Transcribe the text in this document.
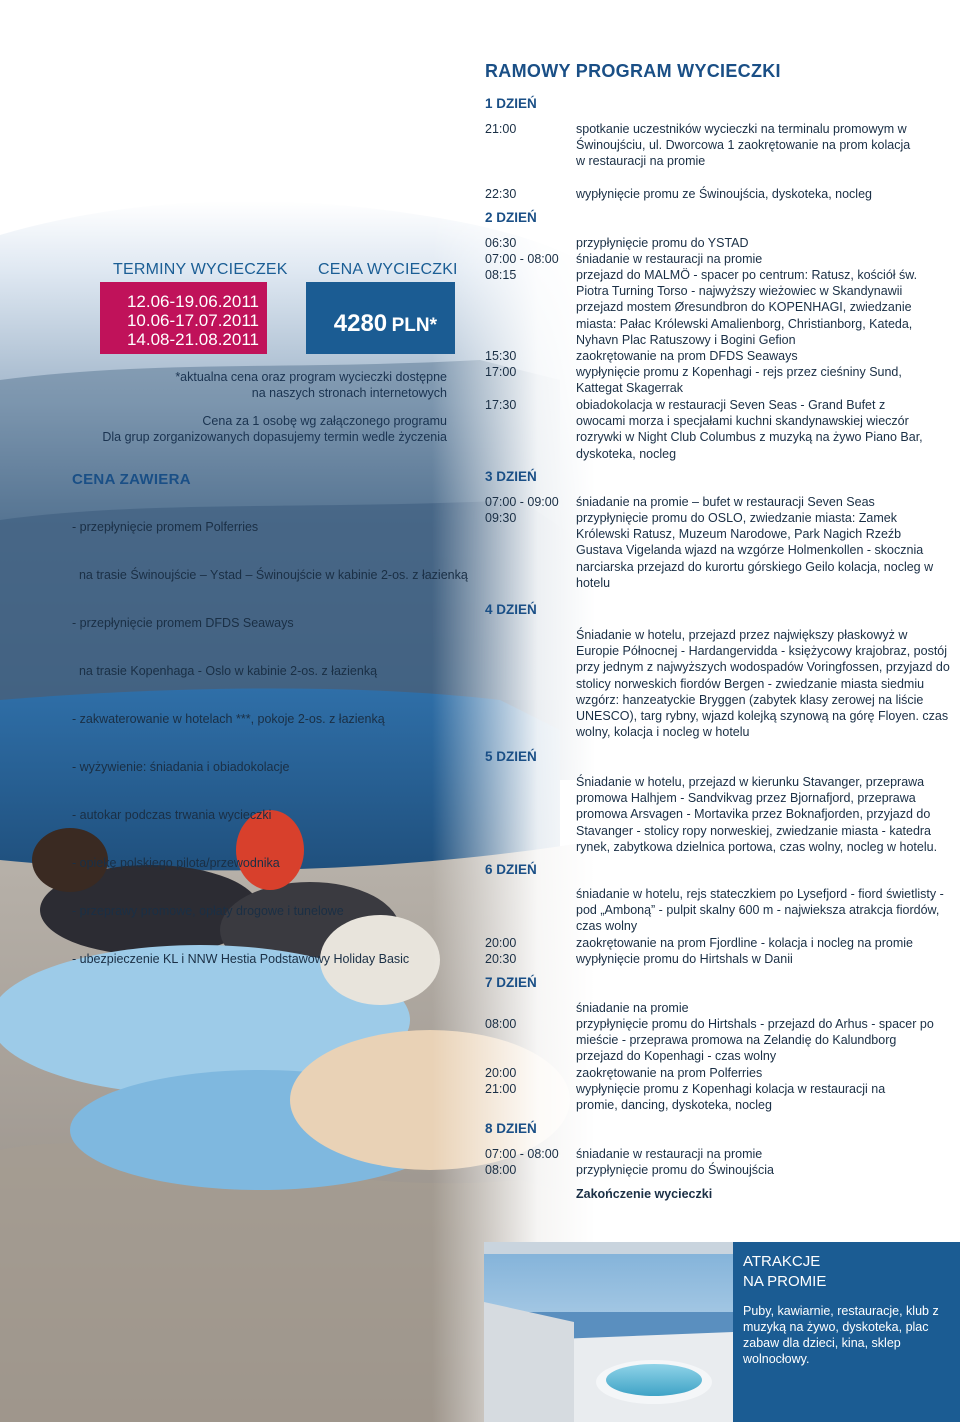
TERMINY WYCIECZEK
12.06-19.06.2011
10.06-17.07.2011
14.08-21.08.2011
CENA WYCIECZKI
4280 PLN*
*aktualna cena oraz program wycieczki dostępne
na naszych stronach internetowych
Cena za 1 osobę wg załączonego programu
Dla grup zorganizowanych dopasujemy termin wedle życzenia
CENA ZAWIERA

- przepłynięcie promem Polferries

na trasie Świnoujście – Ystad – Świnoujście w kabinie 2-os. z łazienką

- przepłynięcie promem DFDS Seaways

na trasie Kopenhaga - Oslo w kabinie 2-os. z łazienką

- zakwaterowanie w hotelach ***, pokoje 2-os. z łazienką

- wyżywienie: śniadania i obiadokolacje

- autokar podczas trwania wycieczki

- opiekę polskiego pilota/przewodnika

- przeprawy promowe, opłaty drogowe i tunelowe

- ubezpieczenie KL i NNW Hestia Podstawowy Holiday Basic

RAMOWY PROGRAM WYCIECZKI
1 DZIEŃ
21:00	spotkanie uczestników wycieczki na terminalu promowym w Świnoujściu, ul. Dworcowa 1 zaokrętowanie na prom kolacja w restauracji na promie
22:30	wypłynięcie promu ze Świnoujścia, dyskoteka, nocleg
2 DZIEŃ
06:30	przypłynięcie promu do YSTAD
07:00 - 08:00	śniadanie w restauracji na promie
08:15	przejazd do MALMÖ - spacer po centrum: Ratusz, kościół św. Piotra Turning Torso - najwyższy wieżowiec w Skandynawii przejazd mostem Øresundbron do KOPENHAGI, zwiedzanie miasta: Pałac Królewski Amalienborg, Christianborg, Kateda, Nyhavn Plac Ratuszowy i Bogini Gefion
15:30	zaokrętowanie na prom DFDS Seaways
17:00	wypłynięcie promu z Kopenhagi - rejs przez cieśniny Sund, Kattegat Skagerrak
17:30	obiadokolacja w restauracji Seven Seas - Grand Bufet z owocami morza i specjałami kuchni skandynawskiej wieczór rozrywki w Night Club Columbus z muzyką na żywo Piano Bar, dyskoteka, nocleg
3 DZIEŃ
07:00 - 09:00	śniadanie na promie – bufet w restauracji Seven Seas
09:30	przypłynięcie promu do OSLO, zwiedzanie miasta: Zamek Królewski Ratusz, Muzeum Narodowe, Park Nagich Rzeźb Gustava Vigelanda wjazd na wzgórze Holmenkollen - skocznia narciarska przejazd do kurortu górskiego Geilo kolacja, nocleg w hotelu
4 DZIEŃ
Śniadanie w hotelu, przejazd przez największy płaskowyż w Europie Północnej - Hardangervidda - księżycowy krajobraz, postój przy jednym z najwyższych wodospadów Voringfossen, przyjazd do stolicy norweskich fiordów Bergen - zwiedzanie miasta siedmiu wzgórz: hanzeatyckie Bryggen (zabytek klasy zerowej na liście UNESCO), targ rybny, wjazd kolejką szynową na górę Floyen. czas wolny, kolacja i nocleg w hotelu
5 DZIEŃ
Śniadanie w hotelu, przejazd w kierunku Stavanger, przeprawa promowa Halhjem - Sandvikvag przez Bjornafjord, przeprawa promowa Arsvagen - Mortavika przez Boknafjorden, przyjazd do Stavanger - stolicy ropy norweskiej, zwiedzanie miasta - katedra rynek, zabytkowa dzielnica portowa, czas wolny, nocleg w hotelu.
6 DZIEŃ
śniadanie w hotelu, rejs stateczkiem po Lysefjord - fiord świetlisty - pod „Amboną” - pulpit skalny 600 m - najwieksza atrakcja fiordów, czas wolny
20:00	zaokrętowanie na prom Fjordline - kolacja i nocleg na promie
20:30	wypłynięcie promu do Hirtshals w Danii
7 DZIEŃ
śniadanie na promie
08:00	przypłynięcie promu do Hirtshals - przejazd do Arhus - spacer po mieście - przeprawa promowa na Zelandię do Kalundborg przejazd do Kopenhagi - czas wolny
20:00	zaokrętowanie na prom Polferries
21:00	wypłynięcie promu z Kopenhagi kolacja w restauracji na promie, dancing, dyskoteka, nocleg
8 DZIEŃ
07:00 - 08:00	śniadanie w restauracji na promie
08:00	przypłynięcie promu do Świnoujścia
Zakończenie wycieczki
ATRAKCJE
NA PROMIE
Puby, kawiarnie, restauracje, klub z muzyką na żywo, dyskoteka, plac zabaw dla dzieci, kina, sklep wolnocłowy.
